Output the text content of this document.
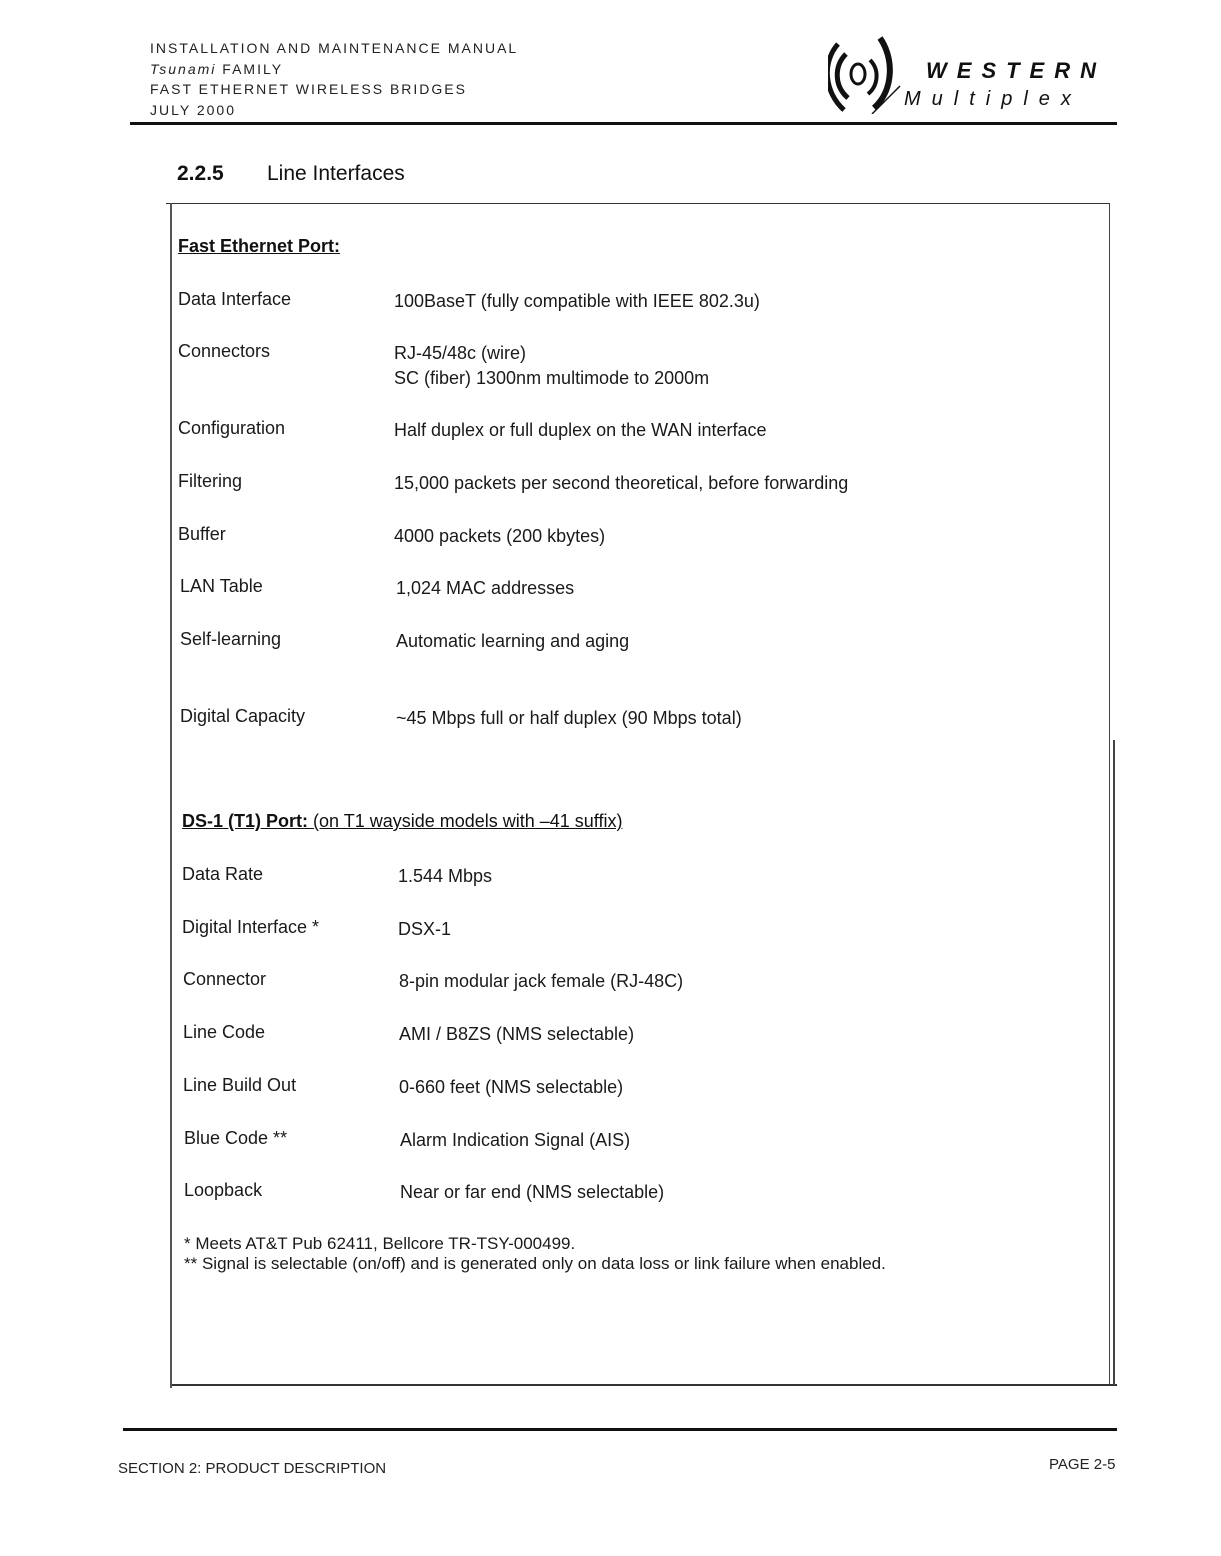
INSTALLATION AND MAINTENANCE MANUAL
Tsunami FAMILY
FAST ETHERNET WIRELESS BRIDGES
JULY 2000
WESTERN
Multiplex
2.2.5 Line Interfaces
Fast Ethernet Port:
Data Interface	100BaseT (fully compatible with IEEE 802.3u)
Connectors	RJ-45/48c (wire)
SC (fiber) 1300nm multimode to 2000m
Configuration	Half duplex or full duplex on the WAN interface
Filtering	15,000 packets per second theoretical, before forwarding
Buffer	4000 packets (200 kbytes)
LAN Table	1,024 MAC addresses
Self-learning	Automatic learning and aging
Digital Capacity	~45 Mbps full or half duplex (90 Mbps total)
DS-1 (T1) Port: (on T1 wayside models with –41 suffix)
Data Rate	1.544 Mbps
Digital Interface *	DSX-1
Connector	8-pin modular jack female (RJ-48C)
Line Code	AMI / B8ZS (NMS selectable)
Line Build Out	0-660 feet (NMS selectable)
Blue Code **	Alarm Indication Signal (AIS)
Loopback	Near or far end (NMS selectable)
* Meets AT&T Pub 62411, Bellcore TR-TSY-000499.
** Signal is selectable (on/off) and is generated only on data loss or link failure when enabled.
SECTION 2: PRODUCT DESCRIPTION	PAGE 2-5
